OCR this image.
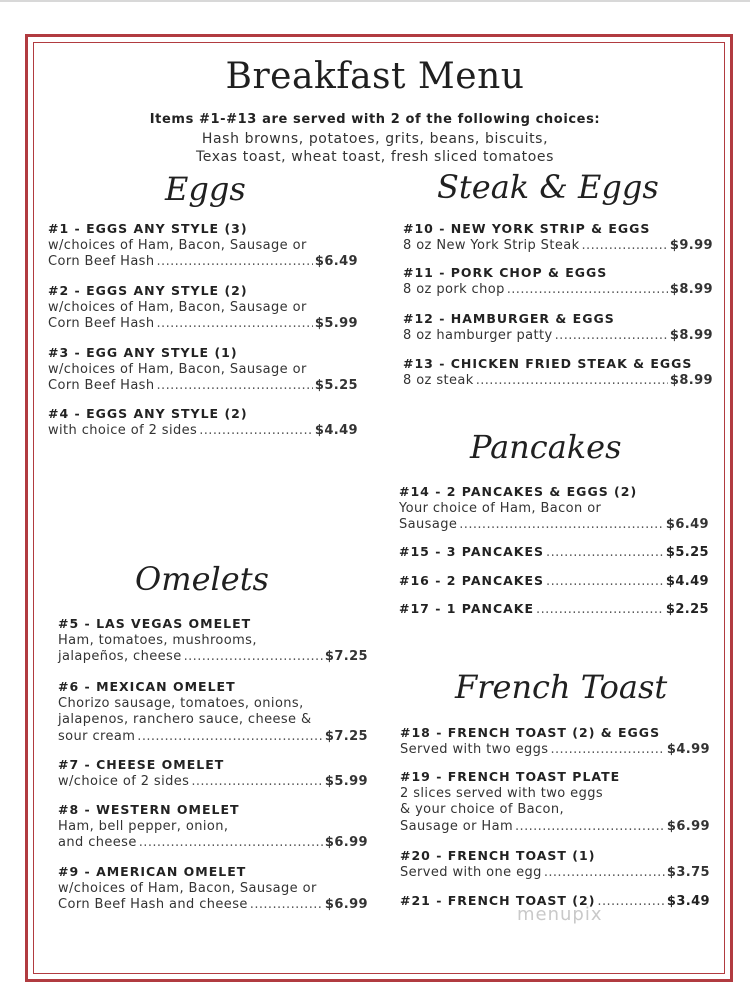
Breakfast Menu
Items #1-#13 are served with 2 of the following choices:
Hash browns, potatoes, grits, beans, biscuits,
Texas toast, wheat toast, fresh sliced tomatoes
Eggs
#1 - EGGS ANY STYLE (3)
w/choices of Ham, Bacon, Sausage or
Corn Beef Hash .....	$6.49
#2 - EGGS ANY STYLE (2)
w/choices of Ham, Bacon, Sausage or
Corn Beef Hash .....	$5.99
#3 - EGG ANY STYLE (1)
w/choices of Ham, Bacon, Sausage or
Corn Beef Hash .....	$5.25
#4 - EGGS ANY STYLE (2)
with choice of 2 sides .....	$4.49
Steak & Eggs
#10 - NEW YORK STRIP & EGGS
8 oz New York Strip Steak .....	$9.99
#11 - PORK CHOP & EGGS
8 oz pork chop .....	$8.99
#12 - HAMBURGER & EGGS
8 oz hamburger patty .....	$8.99
#13 - CHICKEN FRIED STEAK & EGGS
8 oz steak .....	$8.99
Pancakes
#14 - 2 PANCAKES & EGGS (2)
Your choice of Ham, Bacon or
Sausage .....	$6.49
#15 - 3 PANCAKES .....	$5.25
#16 - 2 PANCAKES .....	$4.49
#17 - 1 PANCAKE .....	$2.25
Omelets
#5 - LAS VEGAS OMELET
Ham, tomatoes, mushrooms,
jalapeños, cheese .....	$7.25
#6 - MEXICAN OMELET
Chorizo sausage, tomatoes, onions,
jalapenos, ranchero sauce, cheese &
sour cream .....	$7.25
#7 - CHEESE OMELET
w/choice of 2 sides .....	$5.99
#8 - WESTERN OMELET
Ham, bell pepper, onion,
and cheese .....	$6.99
#9 - AMERICAN OMELET
w/choices of Ham, Bacon, Sausage or
Corn Beef Hash and cheese .....	$6.99
French Toast
#18 - FRENCH TOAST (2) & EGGS
Served with two eggs .....	$4.99
#19 - FRENCH TOAST PLATE
2 slices served with two eggs
& your choice of Bacon,
Sausage or Ham .....	$6.99
#20 - FRENCH TOAST (1)
Served with one egg .....	$3.75
#21 - FRENCH TOAST (2) .....	$3.49
menupix
